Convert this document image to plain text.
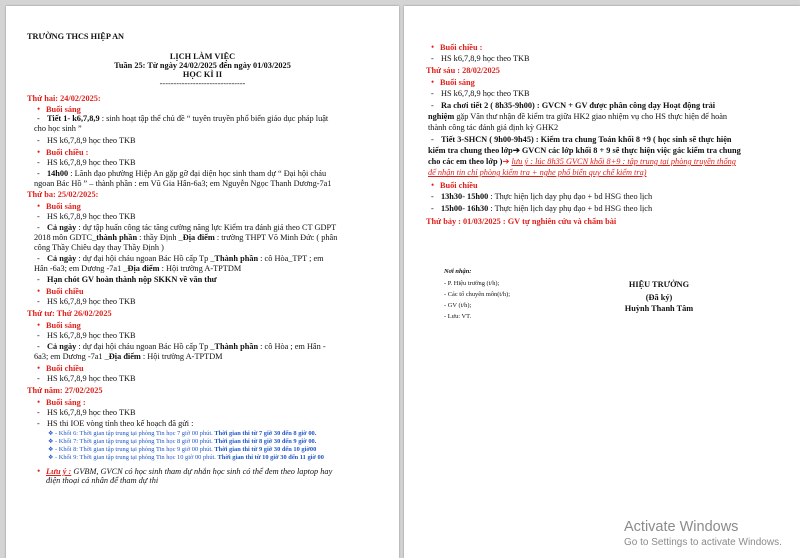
TRƯỜNG THCS HIỆP AN
LỊCH LÀM VIỆC
Tuần 25: Từ ngày 24/02/2025 đến ngày 01/03/2025
HỌC KÌ II
-------------------------------
Thứ hai: 24/02/2025:
• Buổi sáng
- Tiết 1- k6,7,8,9 : sinh hoạt tập thể chủ đề “ tuyên truyền phổ biến giáo dục pháp luật
cho học sinh ”
- HS k6,7,8,9 học theo TKB
• Buổi chiều :
- HS k6,7,8,9 học theo TKB
- 14h00 : Lãnh đạo phường Hiệp An gặp gỡ đại diện học sinh tham dự “ Đại hội cháu
ngoan Bác Hồ ” – thành phần : em Vũ Gia Hân-6a3; em Nguyễn Ngọc Thanh Dương-7a1
Thứ ba: 25/02/2025:
• Buổi sáng
- HS k6,7,8,9 học theo TKB
- Cả ngày : dự tập huấn công tác tăng cường năng lực Kiểm tra đánh giá theo CT GDPT
2018 môn GDTC_thành phần : thầy Định _Địa điểm : trường THPT Võ Minh Đức ( phân
công Thầy Chiêu dạy thay Thầy Định )
- Cả ngày : dự đại hội cháu ngoan Bác Hồ cấp Tp _Thành phần : cô Hòa_TPT ; em
Hân -6a3; em Dương -7a1 _Địa điểm : Hội trường A-TPTDM
- Hạn chót GV hoàn thành nộp SKKN về văn thư
• Buổi chiều
- HS k6,7,8,9 học theo TKB
Thứ tư: Thứ 26/02/2025
• Buổi sáng
- HS k6,7,8,9 học theo TKB
- Cả ngày : dự đại hội cháu ngoan Bác Hồ cấp Tp _Thành phần : cô Hòa ; em Hân -
6a3; em Dương -7a1 _Địa điểm : Hội trường A-TPTDM
• Buổi chiều
- HS k6,7,8,9 học theo TKB
Thứ năm: 27/02/2025
• Buổi sáng :
- HS k6,7,8,9 học theo TKB
- HS thi IOE vòng tỉnh theo kế hoạch đã gửi :
❖ - Khối 6: Thời gian tập trung tại phòng Tin học 7 giờ 00 phút. Thời gian thi từ 7 giờ 30 đến 8 giờ 00.
❖ - Khối 7: Thời gian tập trung tại phòng Tin học 8 giờ 00 phút. Thời gian thi từ 8 giờ 30 đến 9 giờ 00.
❖ - Khối 8: Thời gian tập trung tại phòng Tin học 9 giờ 00 phút. Thời gian thi từ 9 giờ 30 đến 10 giờ00
❖ - Khối 9: Thời gian tập trung tại phòng Tin học 10 giờ 00 phút. Thời gian thi từ 10 giờ 30 đến 11 giờ 00
• Lưu ý : GVBM, GVCN có học sinh tham dự nhắn học sinh có thể đem theo laptop hay
điện thoại cá nhân để tham dự thi
• Buổi chiều :
- HS k6,7,8,9 học theo TKB
Thứ sáu : 28/02/2025
• Buổi sáng
- HS k6,7,8,9 học theo TKB
- Ra chơi tiết 2 ( 8h35-9h00) : GVCN + GV được phân công dạy Hoạt động trải
nghiệm gặp Văn thư nhận đề kiểm tra giữa HK2 giao nhiệm vụ cho HS thực hiện để hoàn
thành công tác đánh giá định kỳ GHK2
- Tiết 3-SHCN ( 9h00-9h45) : Kiểm tra chung Toán khối 8 +9 ( học sinh sẽ thực hiện
kiểm tra chung theo lớp➔ GVCN các lớp khối 8 + 9 sẽ thực hiện việc gác kiểm tra chung
cho các em theo lớp )➔ lưu ý : lúc 8h35 GVCN khối 8+9 : tập trung tại phòng truyền thống
để nhận tin chỉ phòng kiểm tra + nghe phổ biến quy chế kiểm tra)
• Buổi chiều
- 13h30- 15h00 : Thực hiện lịch dạy phụ đạo + bd HSG theo lịch
- 15h00- 16h30 : Thực hiện lịch dạy phụ đạo + bd HSG theo lịch
Thứ bảy : 01/03/2025 : GV tự nghiên cứu và chấm bài
Nơi nhận:
- P. Hiệu trưởng (t/h);
- Các tổ chuyên môn(t/h);
- GV (t/h);
- Lưu: VT.
HIỆU TRƯỞNG
(Đã ký)
Huỳnh Thanh Tâm
Activate Windows
Go to Settings to activate Windows.
